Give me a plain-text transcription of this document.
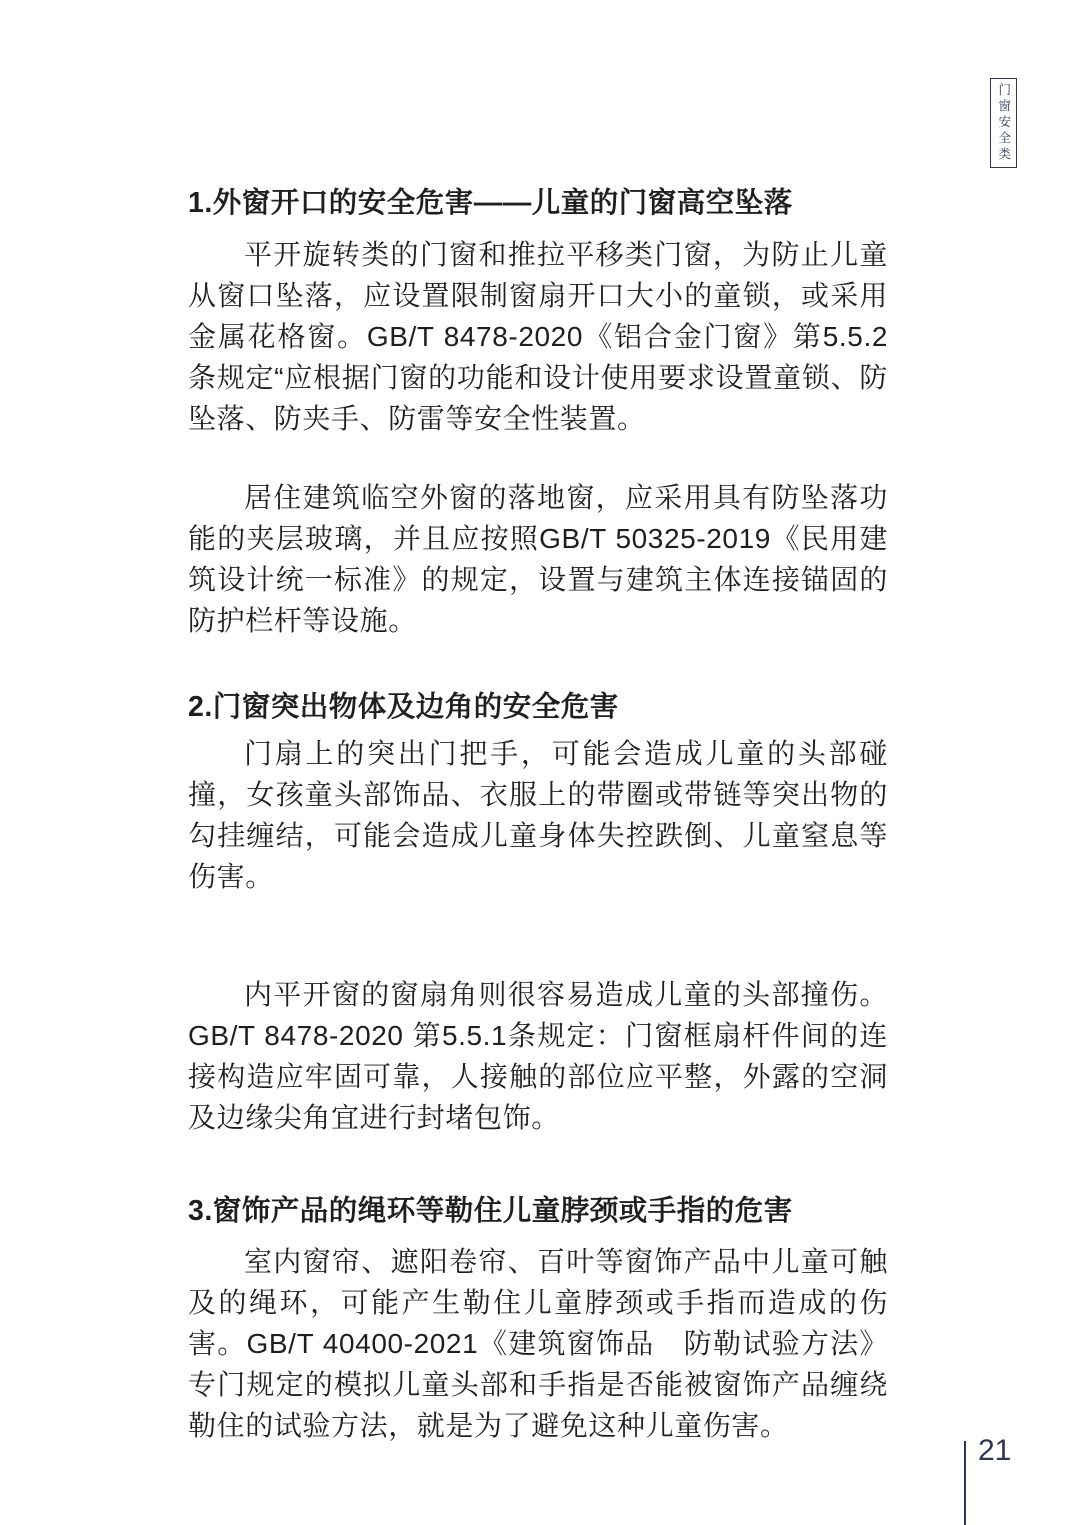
门窗安全类
1.外窗开口的安全危害——儿童的门窗高空坠落

平开旋转类的门窗和推拉平移类门窗，为防止儿童从窗口坠落，应设置限制窗扇开口大小的童锁，或采用金属花格窗。GB/T 8478-2020《铝合金门窗》第5.5.2条规定“应根据门窗的功能和设计使用要求设置童锁、防坠落、防夹手、防雷等安全性装置。

居住建筑临空外窗的落地窗，应采用具有防坠落功能的夹层玻璃，并且应按照GB/T 50325-2019《民用建筑设计统一标准》的规定，设置与建筑主体连接锚固的防护栏杆等设施。

2.门窗突出物体及边角的安全危害

门扇上的突出门把手，可能会造成儿童的头部碰撞，女孩童头部饰品、衣服上的带圈或带链等突出物的勾挂缠结，可能会造成儿童身体失控跌倒、儿童窒息等伤害。

内平开窗的窗扇角则很容易造成儿童的头部撞伤。GB/T 8478-2020 第5.5.1条规定：门窗框扇杆件间的连接构造应牢固可靠，人接触的部位应平整，外露的空洞及边缘尖角宜进行封堵包饰。

3.窗饰产品的绳环等勒住儿童脖颈或手指的危害

室内窗帘、遮阳卷帘、百叶等窗饰产品中儿童可触及的绳环，可能产生勒住儿童脖颈或手指而造成的伤害。GB/T 40400-2021《建筑窗饰品　防勒试验方法》专门规定的模拟儿童头部和手指是否能被窗饰产品缠绕勒住的试验方法，就是为了避免这种儿童伤害。

21
